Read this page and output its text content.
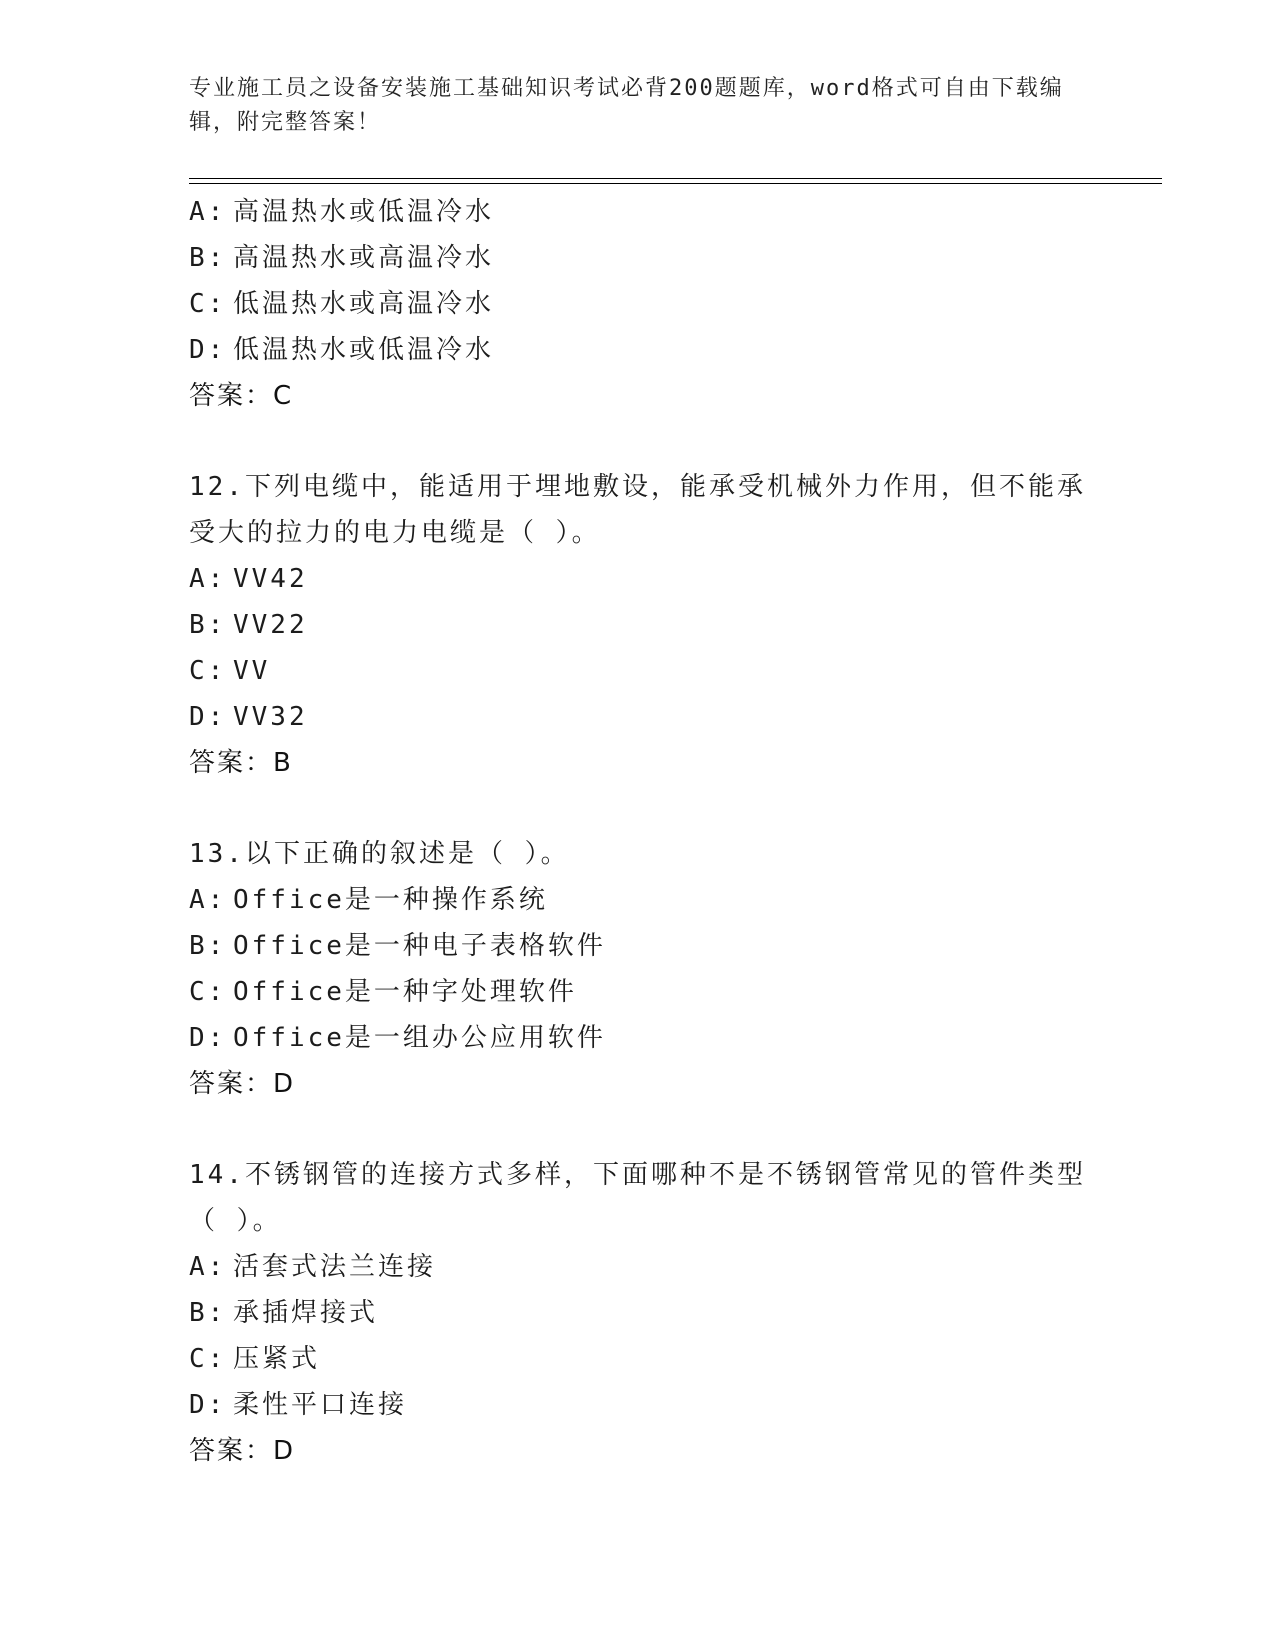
专业施工员之设备安装施工基础知识考试必背200题题库，word格式可自由下载编辑，附完整答案！
A: 高温热水或低温冷水
B: 高温热水或高温冷水
C: 低温热水或高温冷水
D: 低温热水或低温冷水
答案：C
12.下列电缆中，能适用于埋地敷设，能承受机械外力作用，但不能承
受大的拉力的电力电缆是（ ）。
A: VV42
B: VV22
C: VV
D: VV32
答案：B
13.以下正确的叙述是（ ）。
A: Office是一种操作系统
B: Office是一种电子表格软件
C: Office是一种字处理软件
D: Office是一组办公应用软件
答案：D
14.不锈钢管的连接方式多样，下面哪种不是不锈钢管常见的管件类型
（ ）。
A: 活套式法兰连接
B: 承插焊接式
C: 压紧式
D: 柔性平口连接
答案：D
